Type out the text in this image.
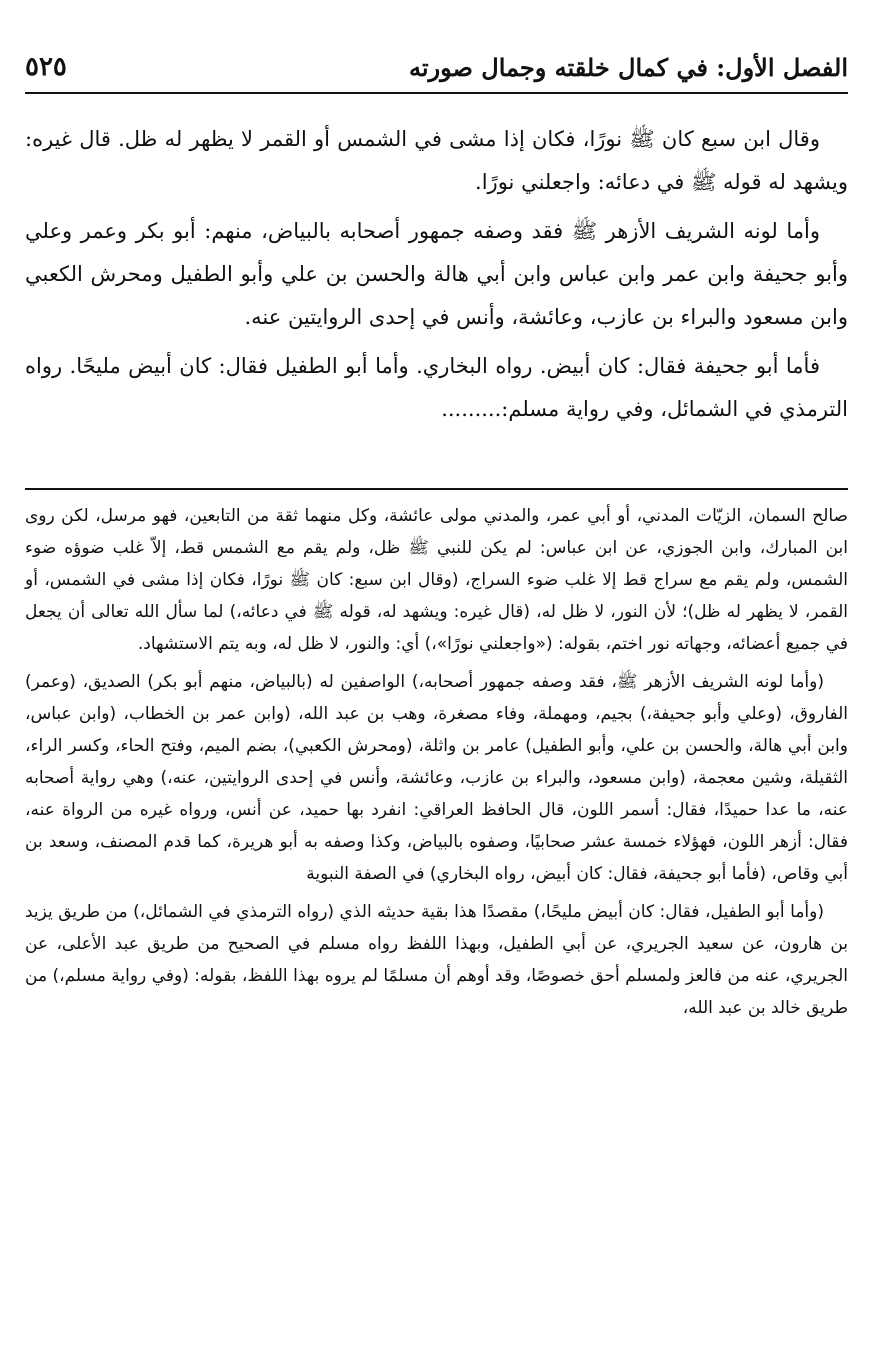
الفصل الأول: في كمال خلقته وجمال صورته
٥٢٥

وقال ابن سبع كان ﷺ نورًا، فكان إذا مشى في الشمس أو القمر لا يظهر له ظل. قال غيره: ويشهد له قوله ﷺ في دعائه: واجعلني نورًا.

وأما لونه الشريف الأزهر ﷺ فقد وصفه جمهور أصحابه بالبياض، منهم: أبو بكر وعمر وعلي وأبو جحيفة وابن عمر وابن عباس وابن أبي هالة والحسن بن علي وأبو الطفيل ومحرش الكعبي وابن مسعود والبراء بن عازب، وعائشة، وأنس في إحدى الروايتين عنه.

فأما أبو جحيفة فقال: كان أبيض. رواه البخاري. وأما أبو الطفيل فقال: كان أبيض مليحًا. رواه الترمذي في الشمائل، وفي رواية مسلم:.........

صالح السمان، الزيّات المدني، أو أبي عمر، والمدني مولى عائشة، وكل منهما ثقة من التابعين، فهو مرسل، لكن روى ابن المبارك، وابن الجوزي، عن ابن عباس: لم يكن للنبي ﷺ ظل، ولم يقم مع الشمس قط، إلاّ غلب ضوؤه ضوء الشمس، ولم يقم مع سراج قط إلا غلب ضوء السراج، (وقال ابن سبع: كان ﷺ نورًا، فكان إذا مشى في الشمس، أو القمر، لا يظهر له ظل)؛ لأن النور، لا ظل له، (قال غيره: ويشهد له، قوله ﷺ في دعائه،) لما سأل الله تعالى أن يجعل في جميع أعضائه، وجهاته نور اختم، بقوله: («واجعلني نورًا»،) أي: والنور، لا ظل له، وبه يتم الاستشهاد.

(وأما لونه الشريف الأزهر ﷺ، فقد وصفه جمهور أصحابه،) الواصفين له (بالبياض، منهم أبو بكر) الصديق، (وعمر) الفاروق، (وعلي وأبو جحيفة،) بجيم، ومهملة، وفاء مصغرة، وهب بن عبد الله، (وابن عمر بن الخطاب، (وابن عباس، وابن أبي هالة، والحسن بن علي، وأبو الطفيل) عامر بن واثلة، (ومحرش الكعبي)، بضم الميم، وفتح الحاء، وكسر الراء، الثقيلة، وشين معجمة، (وابن مسعود، والبراء بن عازب، وعائشة، وأنس في إحدى الروايتين، عنه،) وهي رواية أصحابه عنه، ما عدا حميدًا، فقال: أسمر اللون، قال الحافظ العراقي: انفرد بها حميد، عن أنس، ورواه غيره من الرواة عنه، فقال: أزهر اللون، فهؤلاء خمسة عشر صحابيًا، وصفوه بالبياض، وكذا وصفه به أبو هريرة، كما قدم المصنف، وسعد بن أبي وقاص، (فأما أبو جحيفة، فقال: كان أبيض، رواه البخاري) في الصفة النبوية

(وأما أبو الطفيل، فقال: كان أبيض مليحًا،) مقصدًا هذا بقية حديثه الذي (رواه الترمذي في الشمائل،) من طريق يزيد بن هارون، عن سعيد الجريري، عن أبي الطفيل، وبهذا اللفظ رواه مسلم في الصحيح من طريق عبد الأعلى، عن الجريري، عنه من فالعز ولمسلم أحق خصوصًا، وقد أوهم أن مسلمًا لم يروه بهذا اللفظ، بقوله: (وفي رواية مسلم،) من طريق خالد بن عبد الله،
